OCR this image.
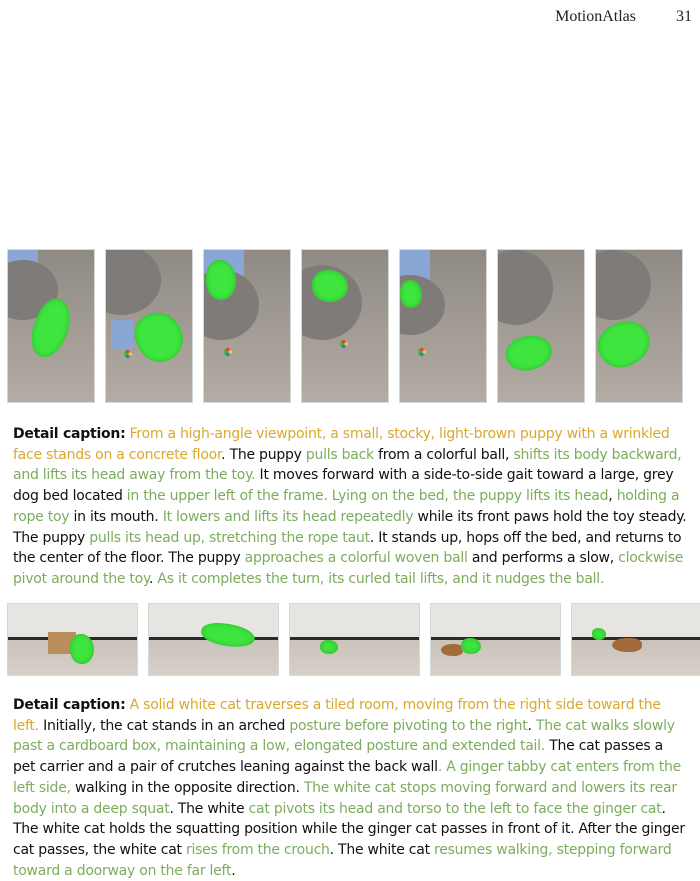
MotionAtlas	31
Detail caption: From a high-angle viewpoint, a small, stocky, light-brown puppy with a wrinkled face stands on a concrete floor. The puppy pulls back from a colorful ball, shifts its body backward, and lifts its head away from the toy. It moves forward with a side-to-side gait toward a large, grey dog bed located in the upper left of the frame. Lying on the bed, the puppy lifts its head, holding a rope toy in its mouth. It lowers and lifts its head repeatedly while its front paws hold the toy steady. The puppy pulls its head up, stretching the rope taut. It stands up, hops off the bed, and returns to the center of the floor. The puppy approaches a colorful woven ball and performs a slow, clockwise pivot around the toy. As it completes the turn, its curled tail lifts, and it nudges the ball.
Detail caption: A solid white cat traverses a tiled room, moving from the right side toward the left. Initially, the cat stands in an arched posture before pivoting to the right. The cat walks slowly past a cardboard box, maintaining a low, elongated posture and extended tail. The cat passes a pet carrier and a pair of crutches leaning against the back wall. A ginger tabby cat enters from the left side, walking in the opposite direction. The white cat stops moving forward and lowers its rear body into a deep squat. The white cat pivots its head and torso to the left to face the ginger cat. The white cat holds the squatting position while the ginger cat passes in front of it. After the ginger cat passes, the white cat rises from the crouch. The white cat resumes walking, stepping forward toward a doorway on the far left.
